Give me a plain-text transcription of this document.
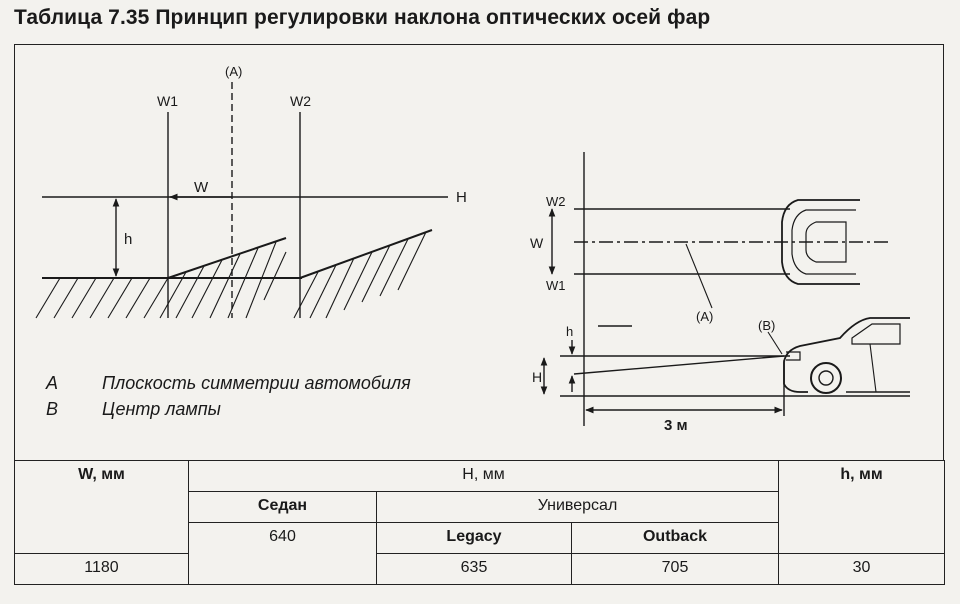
Таблица 7.35 Принцип регулировки наклона оптических осей фар
(A)
W1	W2
W
H
h
W2
W
W1
(A)
(B)
h
H
3 м
A	Плоскость симметрии автомобиля
B	Центр лампы
W, мм	H, мм			h, мм
	Седан	Универсал		
	640	Legacy	Outback	
1180		635	705	30
